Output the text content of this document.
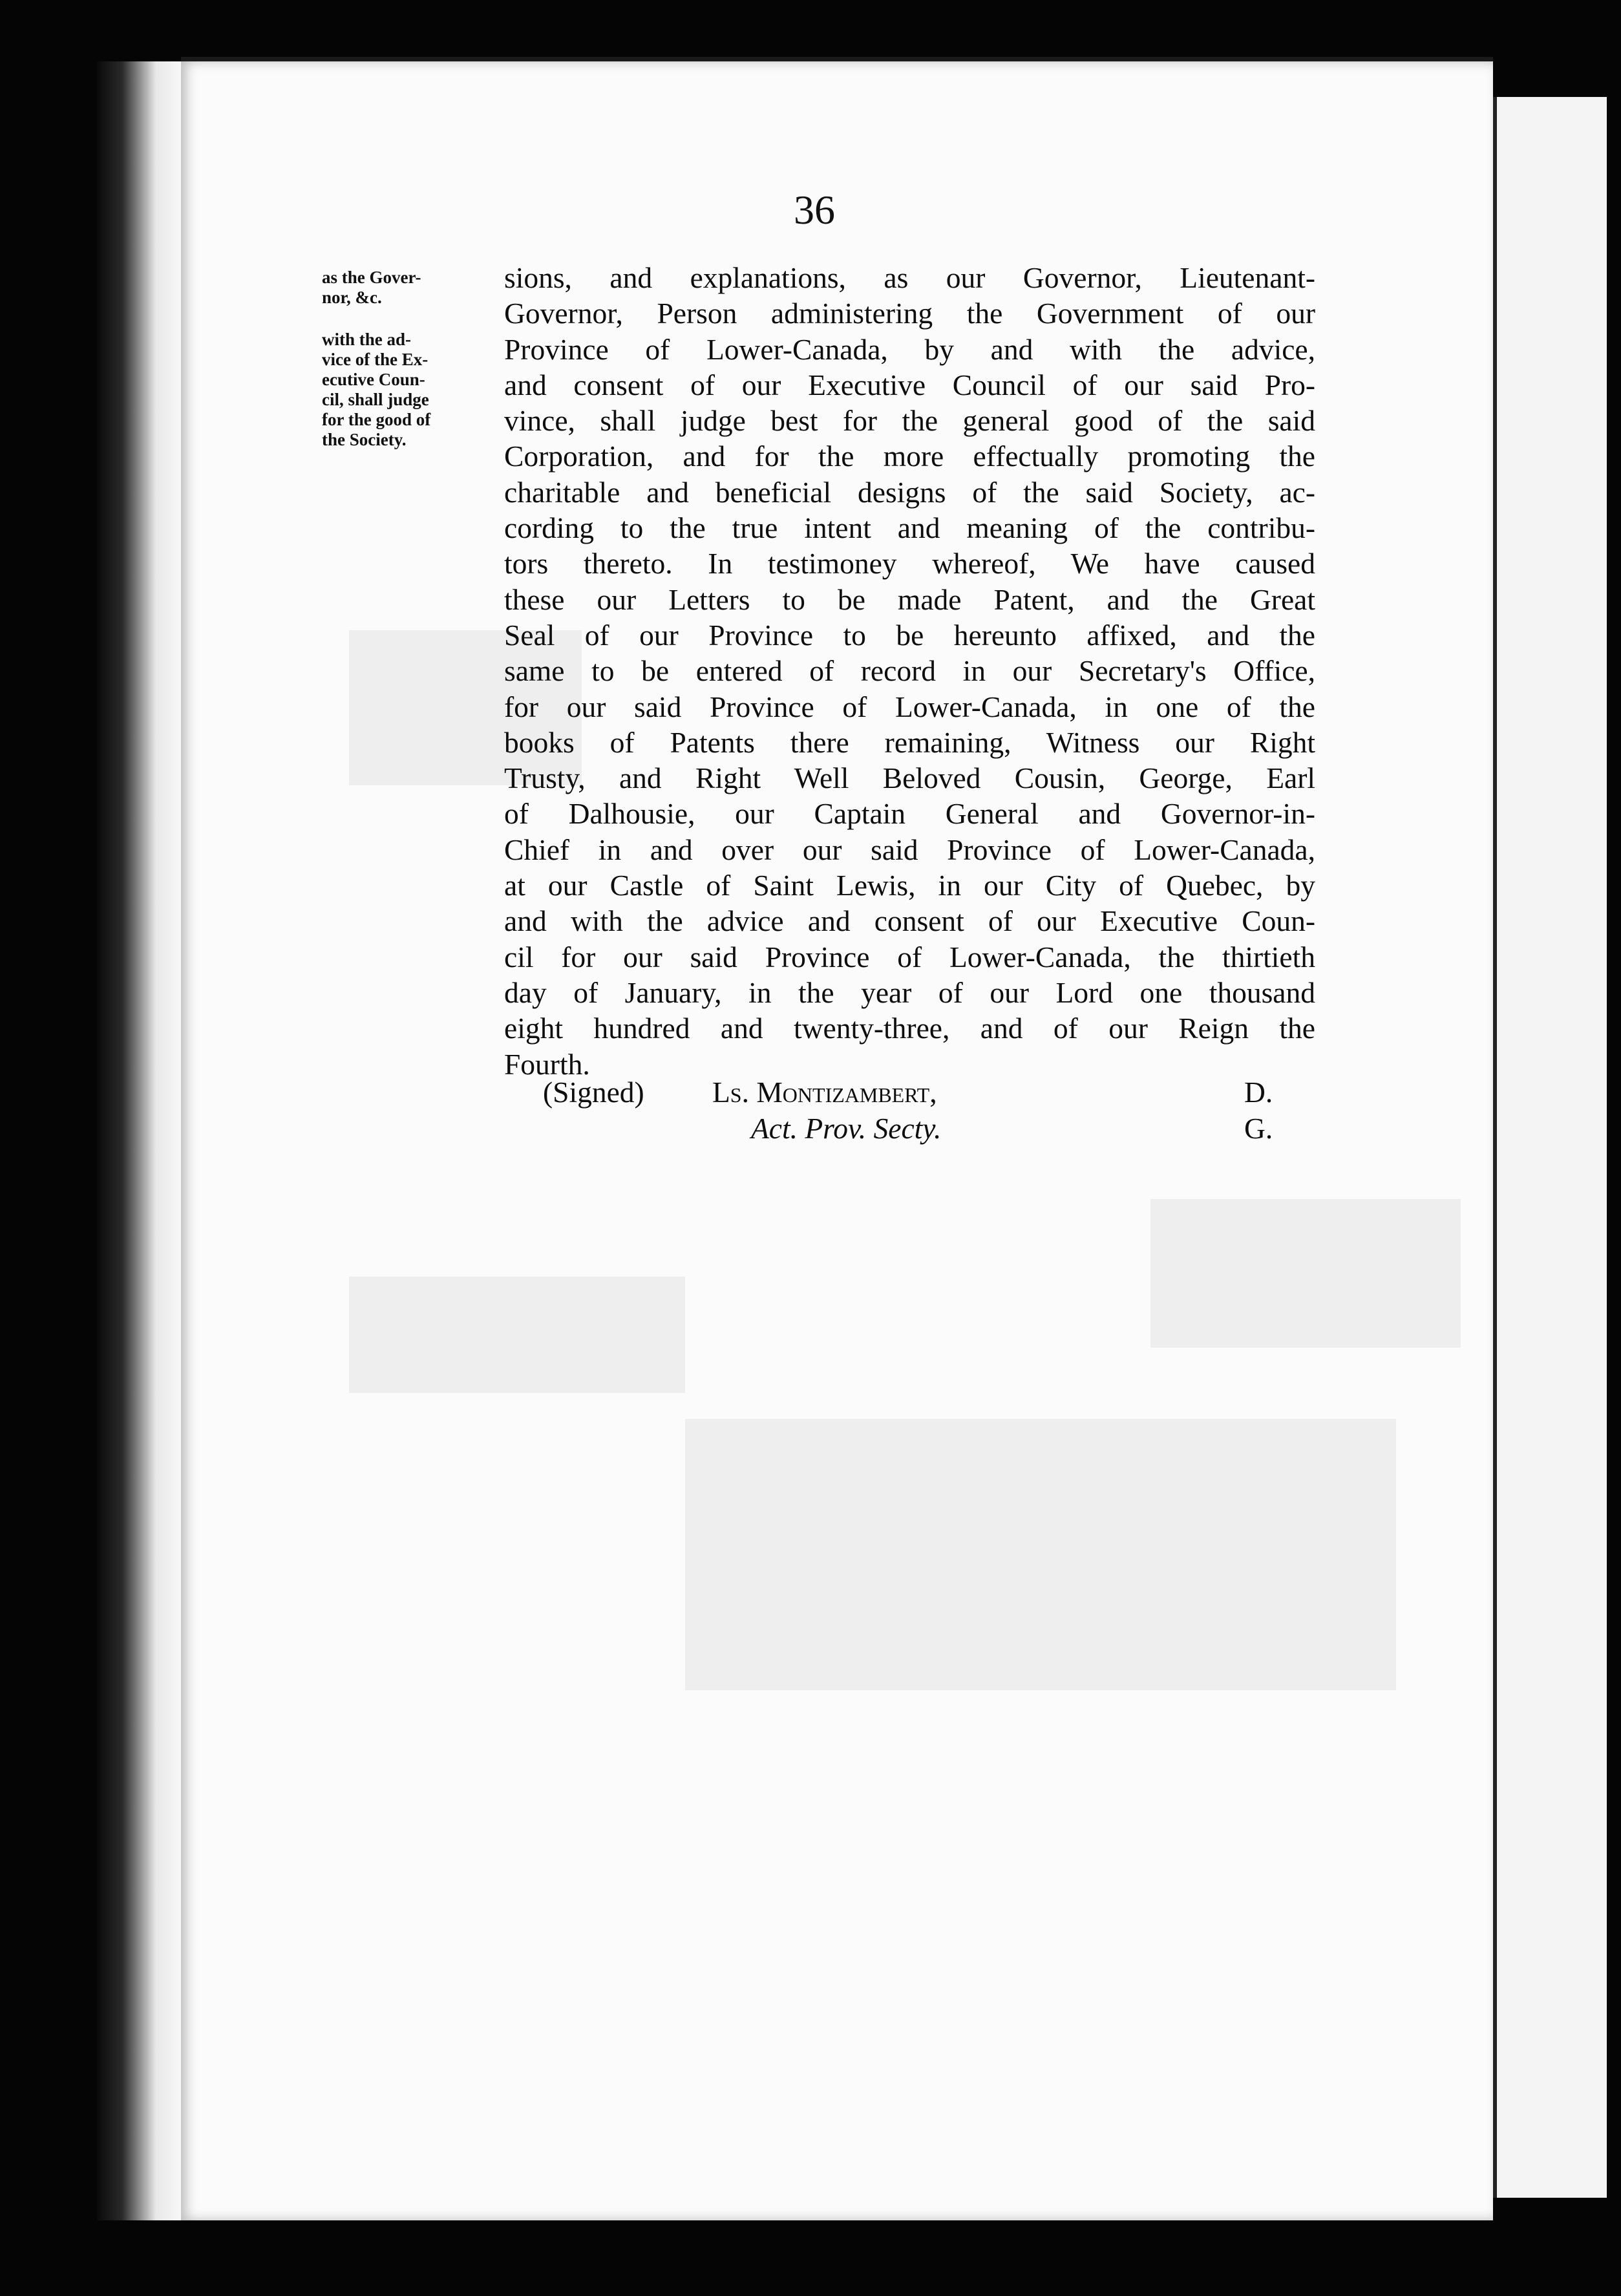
36

as the Gover-
nor, &c.

with the ad-
vice of the Ex-
ecutive Coun-
cil, shall judge
for the good of
the Society.

sions, and explanations, as our Governor, Lieutenant-
Governor, Person administering the Government of our
Province of Lower-Canada, by and with the advice,
and consent of our Executive Council of our said Pro-
vince, shall judge best for the general good of the said
Corporation, and for the more effectually promoting the
charitable and beneficial designs of the said Society, ac-
cording to the true intent and meaning of the contribu-
tors thereto. In testimoney whereof, We have caused
these our Letters to be made Patent, and the Great
Seal of our Province to be hereunto affixed, and the
same to be entered of record in our Secretary's Office,
for our said Province of Lower-Canada, in one of the
books of Patents there remaining, Witness our Right
Trusty, and Right Well Beloved Cousin, George, Earl
of Dalhousie, our Captain General and Governor-in-
Chief in and over our said Province of Lower-Canada,
at our Castle of Saint Lewis, in our City of Quebec, by
and with the advice and consent of our Executive Coun-
cil for our said Province of Lower-Canada, the thirtieth
day of January, in the year of our Lord one thousand
eight hundred and twenty-three, and of our Reign the
Fourth.
(Signed) Ls. Montizambert,	D.
Act. Prov. Secty.	G.
